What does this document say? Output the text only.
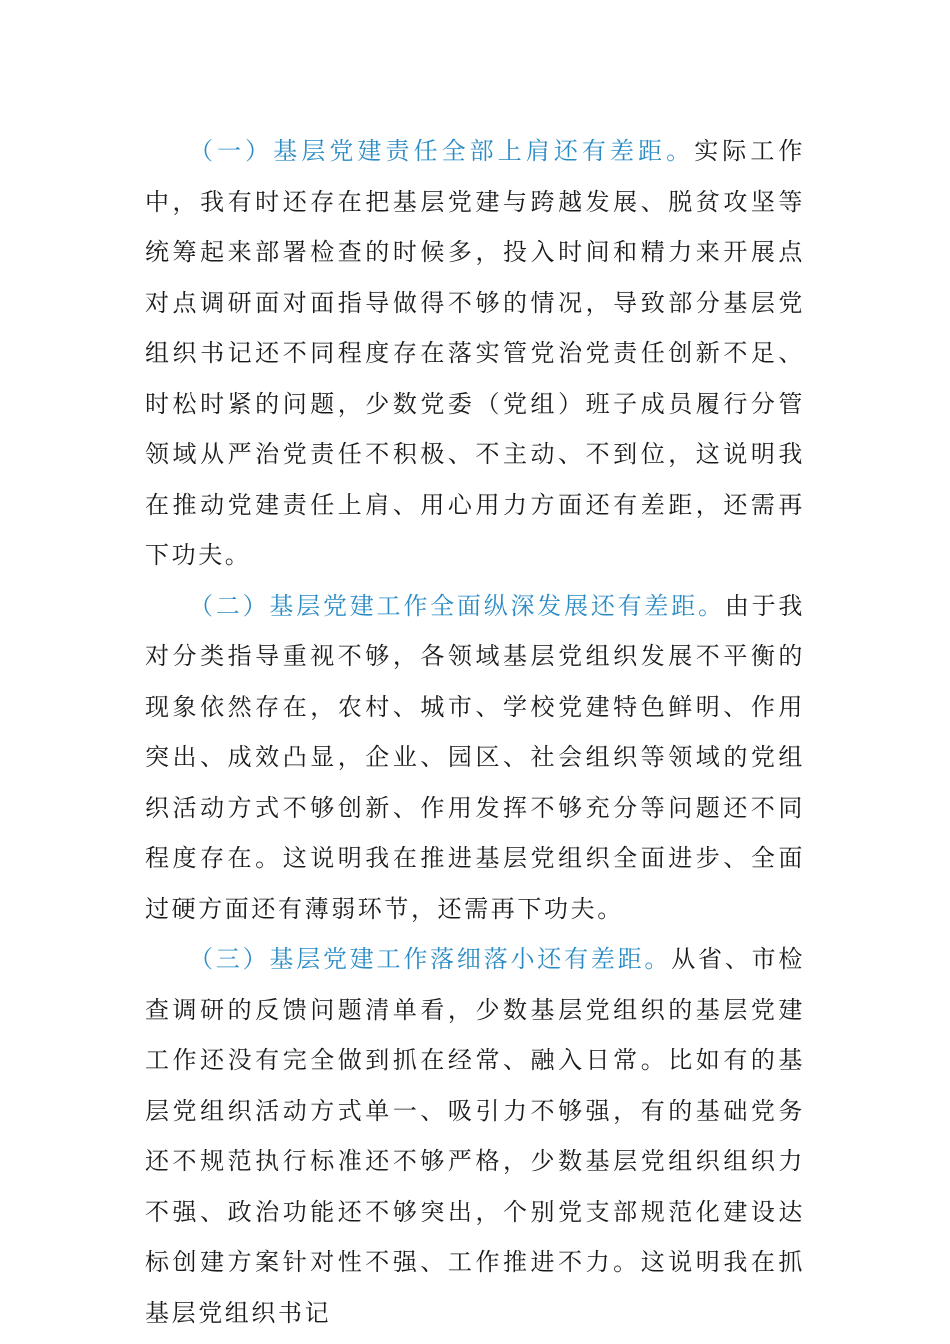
（一）基层党建责任全部上肩还有差距。实际工作中，我有时还存在把基层党建与跨越发展、脱贫攻坚等统筹起来部署检查的时候多，投入时间和精力来开展点对点调研面对面指导做得不够的情况，导致部分基层党组织书记还不同程度存在落实管党治党责任创新不足、时松时紧的问题，少数党委（党组）班子成员履行分管领域从严治党责任不积极、不主动、不到位，这说明我在推动党建责任上肩、用心用力方面还有差距，还需再下功夫。

（二）基层党建工作全面纵深发展还有差距。由于我对分类指导重视不够，各领域基层党组织发展不平衡的现象依然存在，农村、城市、学校党建特色鲜明、作用突出、成效凸显，企业、园区、社会组织等领域的党组织活动方式不够创新、作用发挥不够充分等问题还不同程度存在。这说明我在推进基层党组织全面进步、全面过硬方面还有薄弱环节，还需再下功夫。

（三）基层党建工作落细落小还有差距。从省、市检查调研的反馈问题清单看，少数基层党组织的基层党建工作还没有完全做到抓在经常、融入日常。比如有的基层党组织活动方式单一、吸引力不够强，有的基础党务还不规范执行标准还不够严格，少数基层党组织组织力不强、政治功能还不够突出，个别党支部规范化建设达标创建方案针对性不强、工作推进不力。这说明我在抓基层党组织书记
